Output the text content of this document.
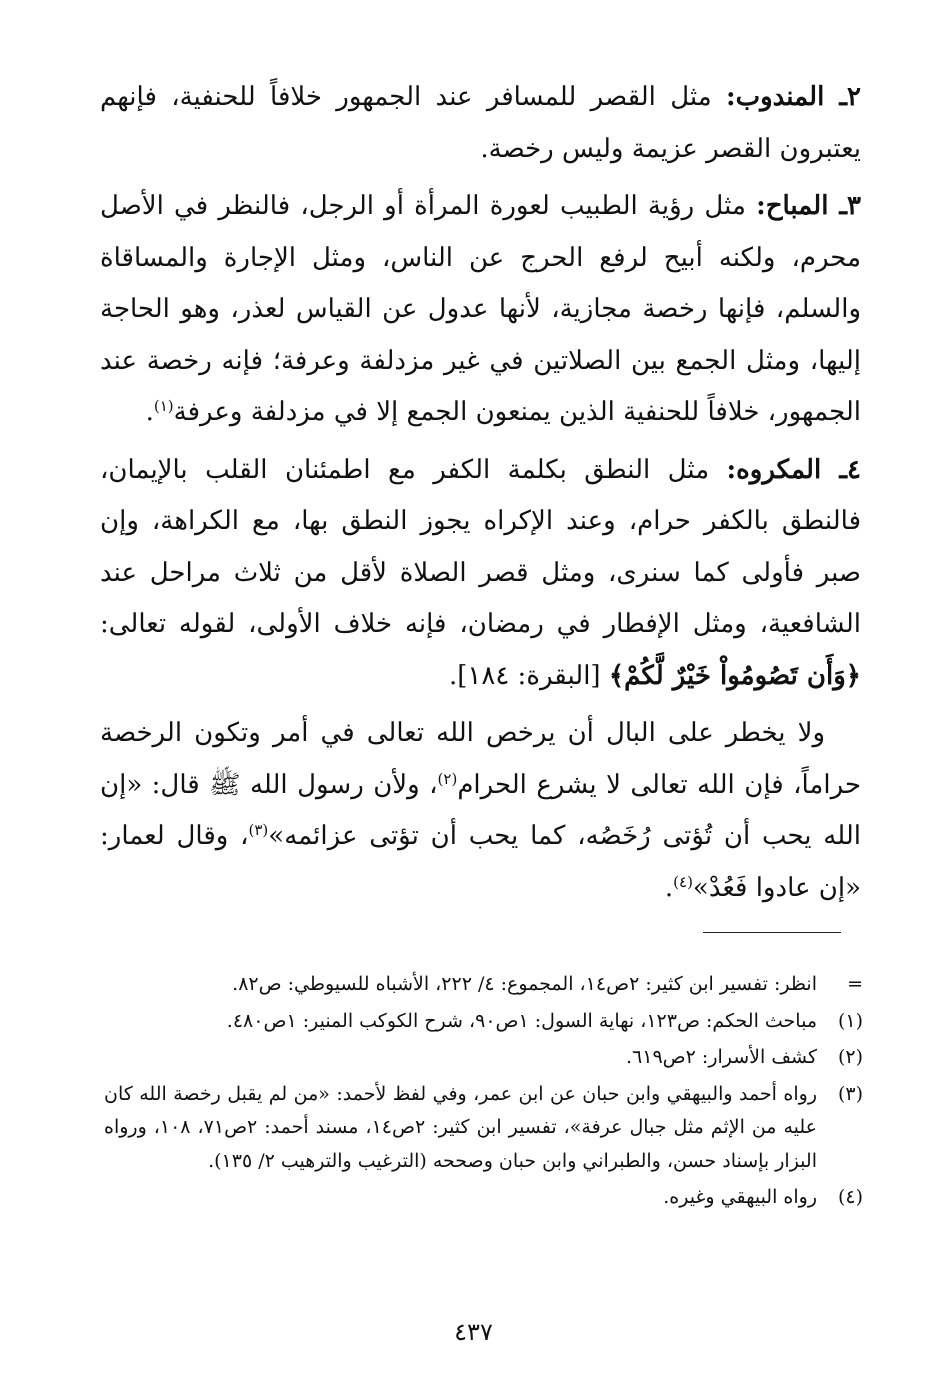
٢ـ المندوب: مثل القصر للمسافر عند الجمهور خلافاً للحنفية، فإنهم يعتبرون القصر عزيمة وليس رخصة.

٣ـ المباح: مثل رؤية الطبيب لعورة المرأة أو الرجل، فالنظر في الأصل محرم، ولكنه أبيح لرفع الحرج عن الناس، ومثل الإجارة والمساقاة والسلم، فإنها رخصة مجازية، لأنها عدول عن القياس لعذر، وهو الحاجة إليها، ومثل الجمع بين الصلاتين في غير مزدلفة وعرفة؛ فإنه رخصة عند الجمهور، خلافاً للحنفية الذين يمنعون الجمع إلا في مزدلفة وعرفة$^{(١)}$.

٤ـ المكروه: مثل النطق بكلمة الكفر مع اطمئنان القلب بالإيمان، فالنطق بالكفر حرام، وعند الإكراه يجوز النطق بها، مع الكراهة، وإن صبر فأولى كما سنرى، ومثل قصر الصلاة لأقل من ثلاث مراحل عند الشافعية، ومثل الإفطار في رمضان، فإنه خلاف الأولى، لقوله تعالى: ﴿وَأَن تَصُومُواْ خَيْرٌ لَّكُمْ﴾ [البقرة: ١٨٤].

ولا يخطر على البال أن يرخص الله تعالى في أمر وتكون الرخصة حراماً، فإن الله تعالى لا يشرع الحرام$^{(٢)}$، ولأن رسول الله ﷺ قال: «إن الله يحب أن تُؤتى رُخَصُه، كما يحب أن تؤتى عزائمه»$^{(٣)}$، وقال لعمار: «إن عادوا فَعُدْ»$^{(٤)}$.

=
انظر: تفسير ابن كثير: ٢ص١٤، المجموع: ٤/ ٢٢٢، الأشباه للسيوطي: ص٨٢.
(١)
مباحث الحكم: ص١٢٣، نهاية السول: ١ص٩٠، شرح الكوكب المنير: ١ص٤٨٠.
(٢)
كشف الأسرار: ٢ص٦١٩.
(٣)
رواه أحمد والبيهقي وابن حبان عن ابن عمر، وفي لفظ لأحمد: «من لم يقبل رخصة الله كان عليه من الإثم مثل جبال عرفة»، تفسير ابن كثير: ٢ص١٤، مسند أحمد: ٢ص٧١، ١٠٨، ورواه البزار بإسناد حسن، والطبراني وابن حبان وصححه (الترغيب والترهيب ٢/ ١٣٥).
(٤)
رواه البيهقي وغيره.
٤٣٧
